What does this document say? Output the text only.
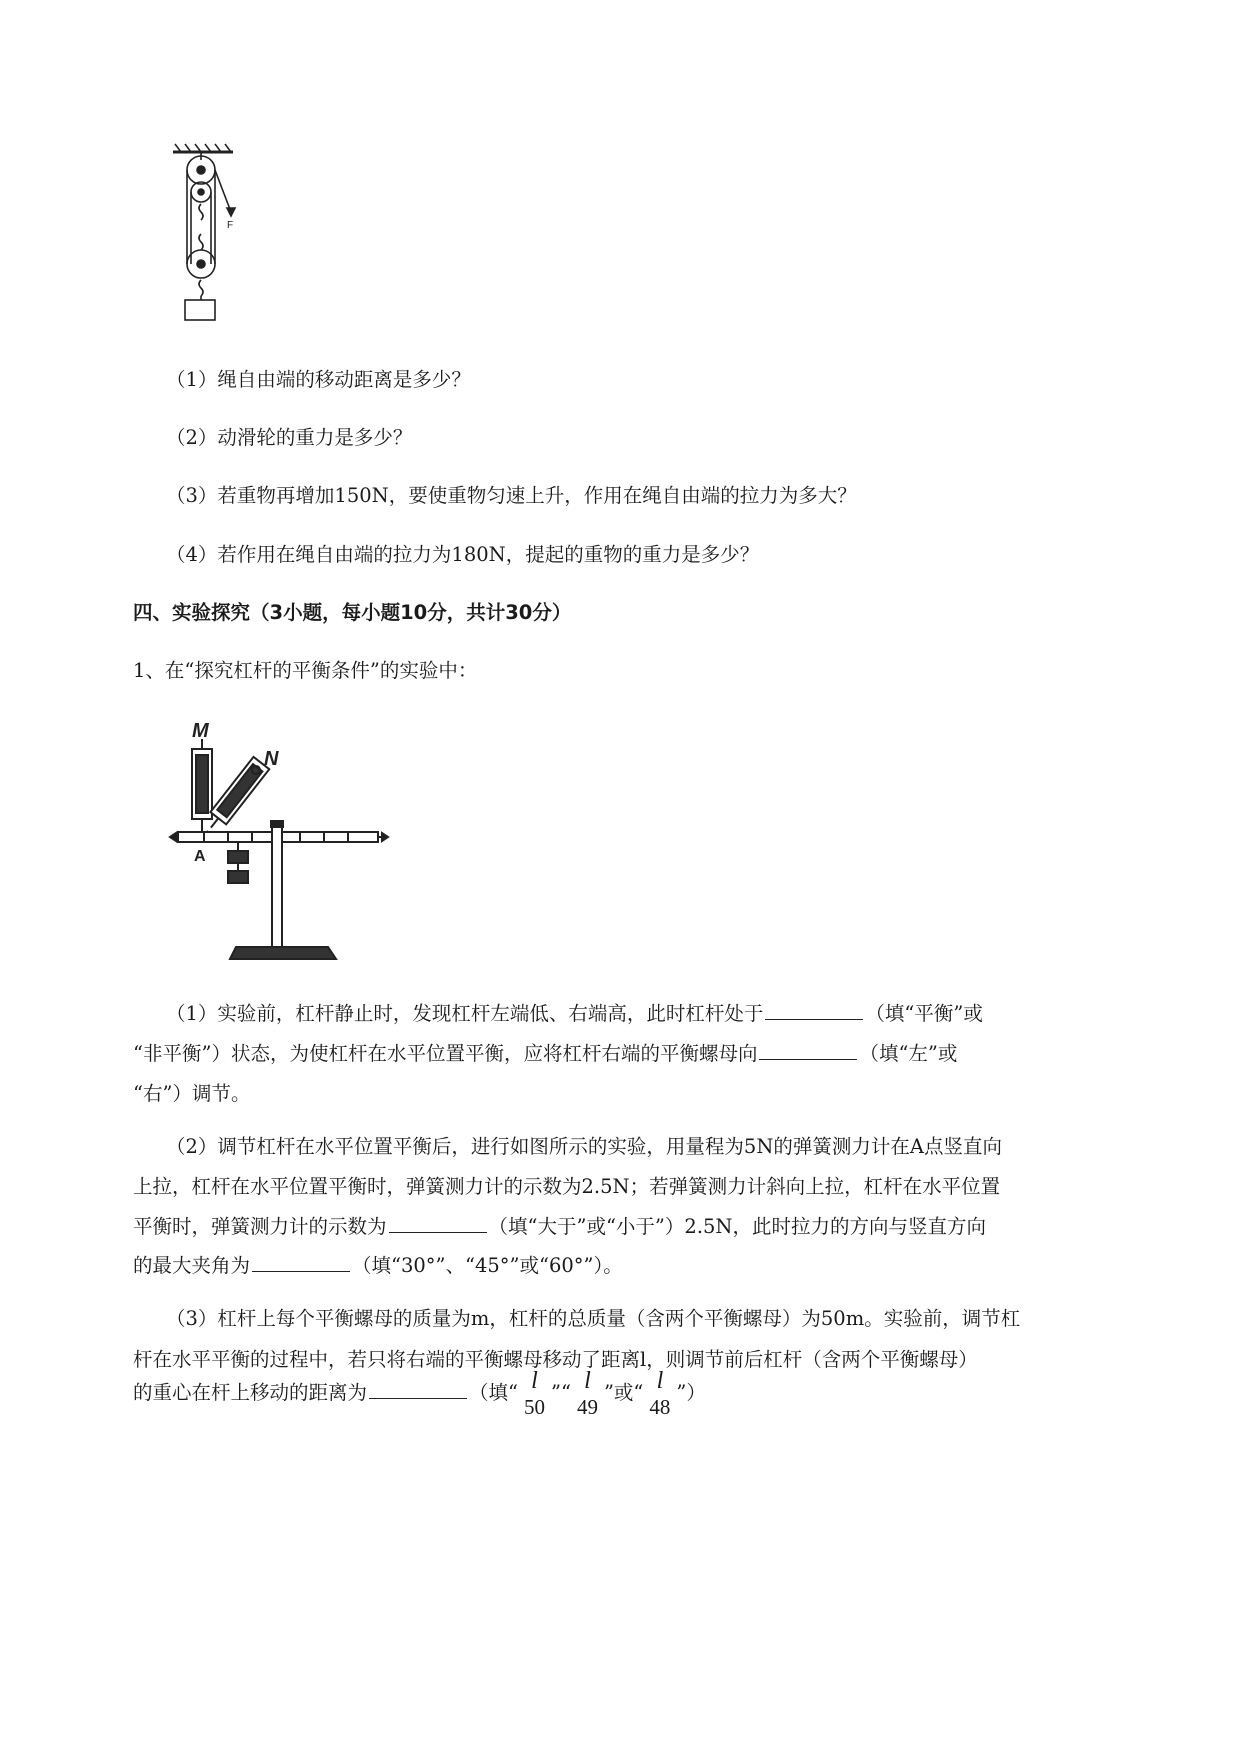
F
（1）绳自由端的移动距离是多少？
（2）动滑轮的重力是多少？
（3）若重物再增加150N，要使重物匀速上升，作用在绳自由端的拉力为多大？
（4）若作用在绳自由端的拉力为180N，提起的重物的重力是多少？
四、实验探究（3小题，每小题10分，共计30分）
1、在“探究杠杆的平衡条件”的实验中：
M
N
A
（1）实验前，杠杆静止时，发现杠杆左端低、右端高，此时杠杆处于	（填“平衡”或
“非平衡”）状态，为使杠杆在水平位置平衡，应将杠杆右端的平衡螺母向	（填“左”或
“右”）调节。
（2）调节杠杆在水平位置平衡后，进行如图所示的实验，用量程为5N的弹簧测力计在A点竖直向
上拉，杠杆在水平位置平衡时，弹簧测力计的示数为2.5N；若弹簧测力计斜向上拉，杠杆在水平位置
平衡时，弹簧测力计的示数为	（填“大于”或“小于”）2.5N，此时拉力的方向与竖直方向
的最大夹角为	（填“30°”、“45°”或“60°”）。
（3）杠杆上每个平衡螺母的质量为m，杠杆的总质量（含两个平衡螺母）为50m。实验前，调节杠
杆在水平平衡的过程中，若只将右端的平衡螺母移动了距离l，则调节前后杠杆（含两个平衡螺母）
的重心在杆上移动的距离为	（填“ l
50
”“ l
49
”或“ l
48
”）
